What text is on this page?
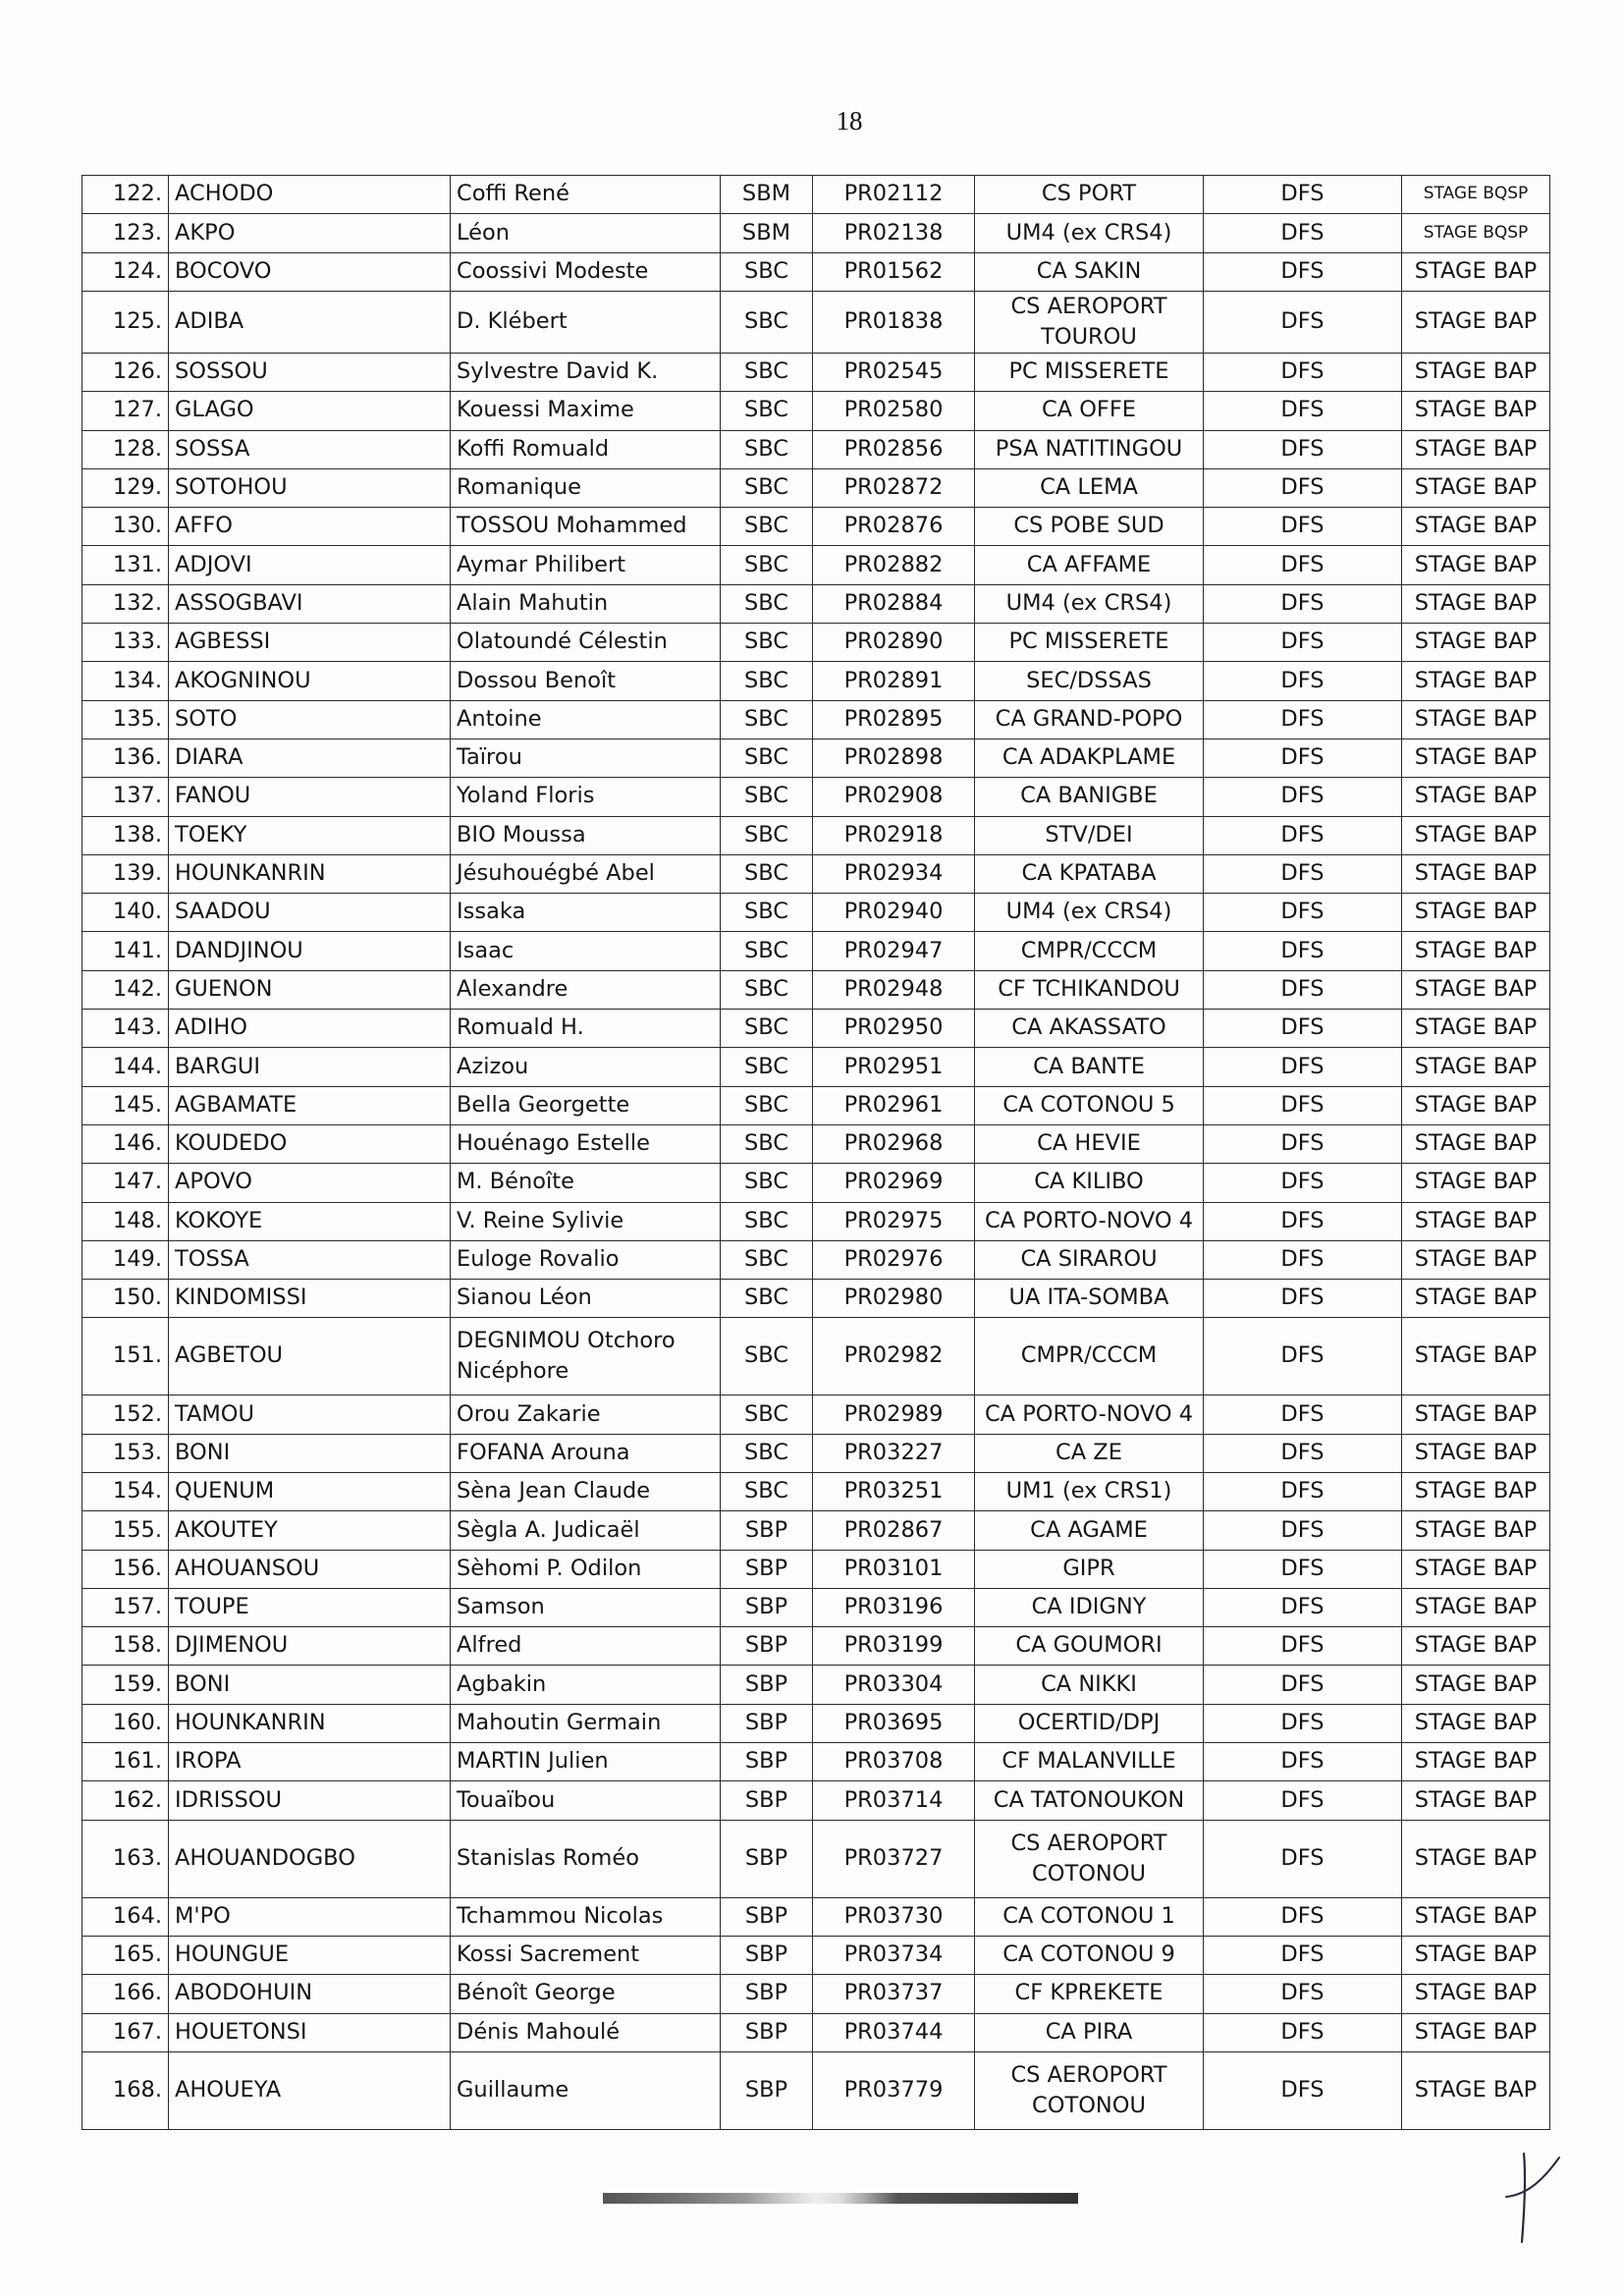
18
122.	ACHODO	Coffi René	SBM	PR02112	CS PORT	DFS	STAGE BQSP
123.	AKPO	Léon	SBM	PR02138	UM4 (ex CRS4)	DFS	STAGE BQSP
124.	BOCOVO	Coossivi Modeste	SBC	PR01562	CA SAKIN	DFS	STAGE BAP
125.	ADIBA	D. Klébert	SBC	PR01838	CS AEROPORT TOUROU	DFS	STAGE BAP
126.	SOSSOU	Sylvestre David K.	SBC	PR02545	PC MISSERETE	DFS	STAGE BAP
127.	GLAGO	Kouessi Maxime	SBC	PR02580	CA OFFE	DFS	STAGE BAP
128.	SOSSA	Koffi Romuald	SBC	PR02856	PSA NATITINGOU	DFS	STAGE BAP
129.	SOTOHOU	Romanique	SBC	PR02872	CA LEMA	DFS	STAGE BAP
130.	AFFO	TOSSOU Mohammed	SBC	PR02876	CS POBE SUD	DFS	STAGE BAP
131.	ADJOVI	Aymar Philibert	SBC	PR02882	CA AFFAME	DFS	STAGE BAP
132.	ASSOGBAVI	Alain Mahutin	SBC	PR02884	UM4 (ex CRS4)	DFS	STAGE BAP
133.	AGBESSI	Olatoundé Célestin	SBC	PR02890	PC MISSERETE	DFS	STAGE BAP
134.	AKOGNINOU	Dossou Benoît	SBC	PR02891	SEC/DSSAS	DFS	STAGE BAP
135.	SOTO	Antoine	SBC	PR02895	CA GRAND-POPO	DFS	STAGE BAP
136.	DIARA	Taïrou	SBC	PR02898	CA ADAKPLAME	DFS	STAGE BAP
137.	FANOU	Yoland Floris	SBC	PR02908	CA BANIGBE	DFS	STAGE BAP
138.	TOEKY	BIO Moussa	SBC	PR02918	STV/DEI	DFS	STAGE BAP
139.	HOUNKANRIN	Jésuhouégbé Abel	SBC	PR02934	CA KPATABA	DFS	STAGE BAP
140.	SAADOU	Issaka	SBC	PR02940	UM4 (ex CRS4)	DFS	STAGE BAP
141.	DANDJINOU	Isaac	SBC	PR02947	CMPR/CCCM	DFS	STAGE BAP
142.	GUENON	Alexandre	SBC	PR02948	CF TCHIKANDOU	DFS	STAGE BAP
143.	ADIHO	Romuald H.	SBC	PR02950	CA AKASSATO	DFS	STAGE BAP
144.	BARGUI	Azizou	SBC	PR02951	CA BANTE	DFS	STAGE BAP
145.	AGBAMATE	Bella Georgette	SBC	PR02961	CA COTONOU 5	DFS	STAGE BAP
146.	KOUDEDO	Houénago Estelle	SBC	PR02968	CA HEVIE	DFS	STAGE BAP
147.	APOVO	M. Bénoîte	SBC	PR02969	CA KILIBO	DFS	STAGE BAP
148.	KOKOYE	V. Reine Sylivie	SBC	PR02975	CA PORTO-NOVO 4	DFS	STAGE BAP
149.	TOSSA	Euloge Rovalio	SBC	PR02976	CA SIRAROU	DFS	STAGE BAP
150.	KINDOMISSI	Sianou Léon	SBC	PR02980	UA ITA-SOMBA	DFS	STAGE BAP
151.	AGBETOU	DEGNIMOU Otchoro Nicéphore	SBC	PR02982	CMPR/CCCM	DFS	STAGE BAP
152.	TAMOU	Orou Zakarie	SBC	PR02989	CA PORTO-NOVO 4	DFS	STAGE BAP
153.	BONI	FOFANA Arouna	SBC	PR03227	CA ZE	DFS	STAGE BAP
154.	QUENUM	Sèna Jean Claude	SBC	PR03251	UM1 (ex CRS1)	DFS	STAGE BAP
155.	AKOUTEY	Sègla A. Judicaël	SBP	PR02867	CA AGAME	DFS	STAGE BAP
156.	AHOUANSOU	Sèhomi P. Odilon	SBP	PR03101	GIPR	DFS	STAGE BAP
157.	TOUPE	Samson	SBP	PR03196	CA IDIGNY	DFS	STAGE BAP
158.	DJIMENOU	Alfred	SBP	PR03199	CA GOUMORI	DFS	STAGE BAP
159.	BONI	Agbakin	SBP	PR03304	CA NIKKI	DFS	STAGE BAP
160.	HOUNKANRIN	Mahoutin Germain	SBP	PR03695	OCERTID/DPJ	DFS	STAGE BAP
161.	IROPA	MARTIN Julien	SBP	PR03708	CF MALANVILLE	DFS	STAGE BAP
162.	IDRISSOU	Touaïbou	SBP	PR03714	CA TATONOUKON	DFS	STAGE BAP
163.	AHOUANDOGBO	Stanislas Roméo	SBP	PR03727	CS AEROPORT COTONOU	DFS	STAGE BAP
164.	M'PO	Tchammou Nicolas	SBP	PR03730	CA COTONOU 1	DFS	STAGE BAP
165.	HOUNGUE	Kossi Sacrement	SBP	PR03734	CA COTONOU 9	DFS	STAGE BAP
166.	ABODOHUIN	Bénoît George	SBP	PR03737	CF KPREKETE	DFS	STAGE BAP
167.	HOUETONSI	Dénis Mahoulé	SBP	PR03744	CA PIRA	DFS	STAGE BAP
168.	AHOUEYA	Guillaume	SBP	PR03779	CS AEROPORT COTONOU	DFS	STAGE BAP
